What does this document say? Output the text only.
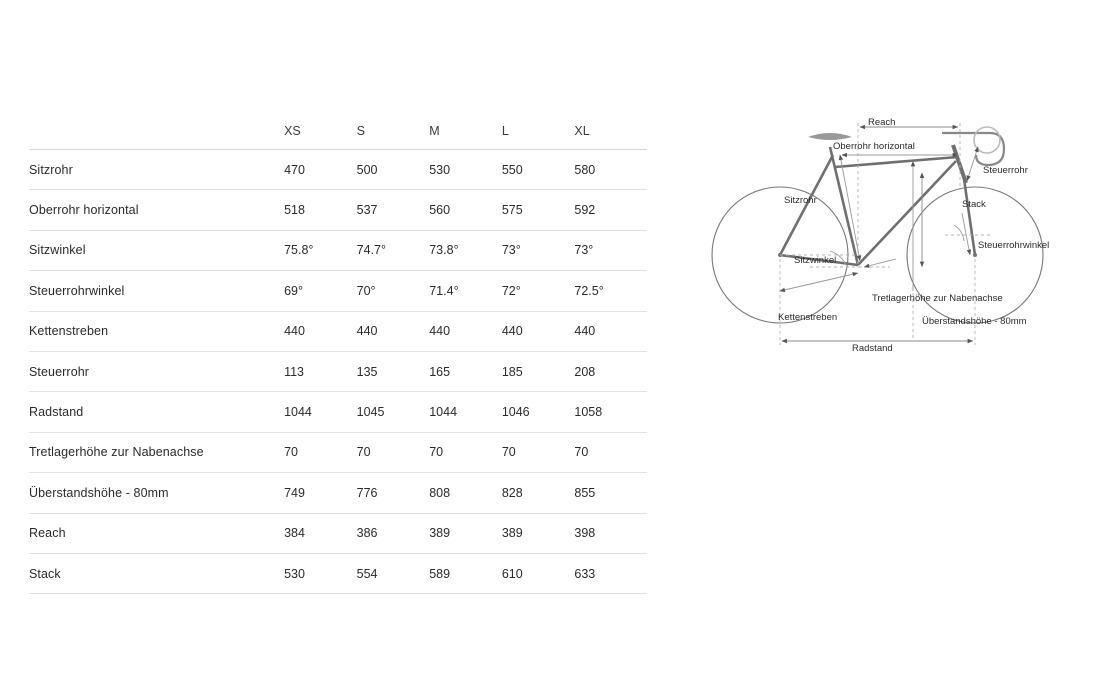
	XS	S	M	L	XL
Sitzrohr	470	500	530	550	580
Oberrohr horizontal	518	537	560	575	592
Sitzwinkel	75.8°	74.7°	73.8°	73°	73°
Steuerrohrwinkel	69°	70°	71.4°	72°	72.5°
Kettenstreben	440	440	440	440	440
Steuerrohr	113	135	165	185	208
Radstand	1044	1045	1044	1046	1058
Tretlagerhöhe zur Nabenachse	70	70	70	70	70
Überstandshöhe - 80mm	749	776	808	828	855
Reach	384	386	389	389	398
Stack	530	554	589	610	633
Reach
Oberrohr horizontal
Steuerrohr
Sitzrohr	Stack
Sitzwinkel
Steuerrohrwinkel
Tretlagerhöhe zur Nabenachse
Kettenstreben	Überstandshöhe - 80mm
Radstand
